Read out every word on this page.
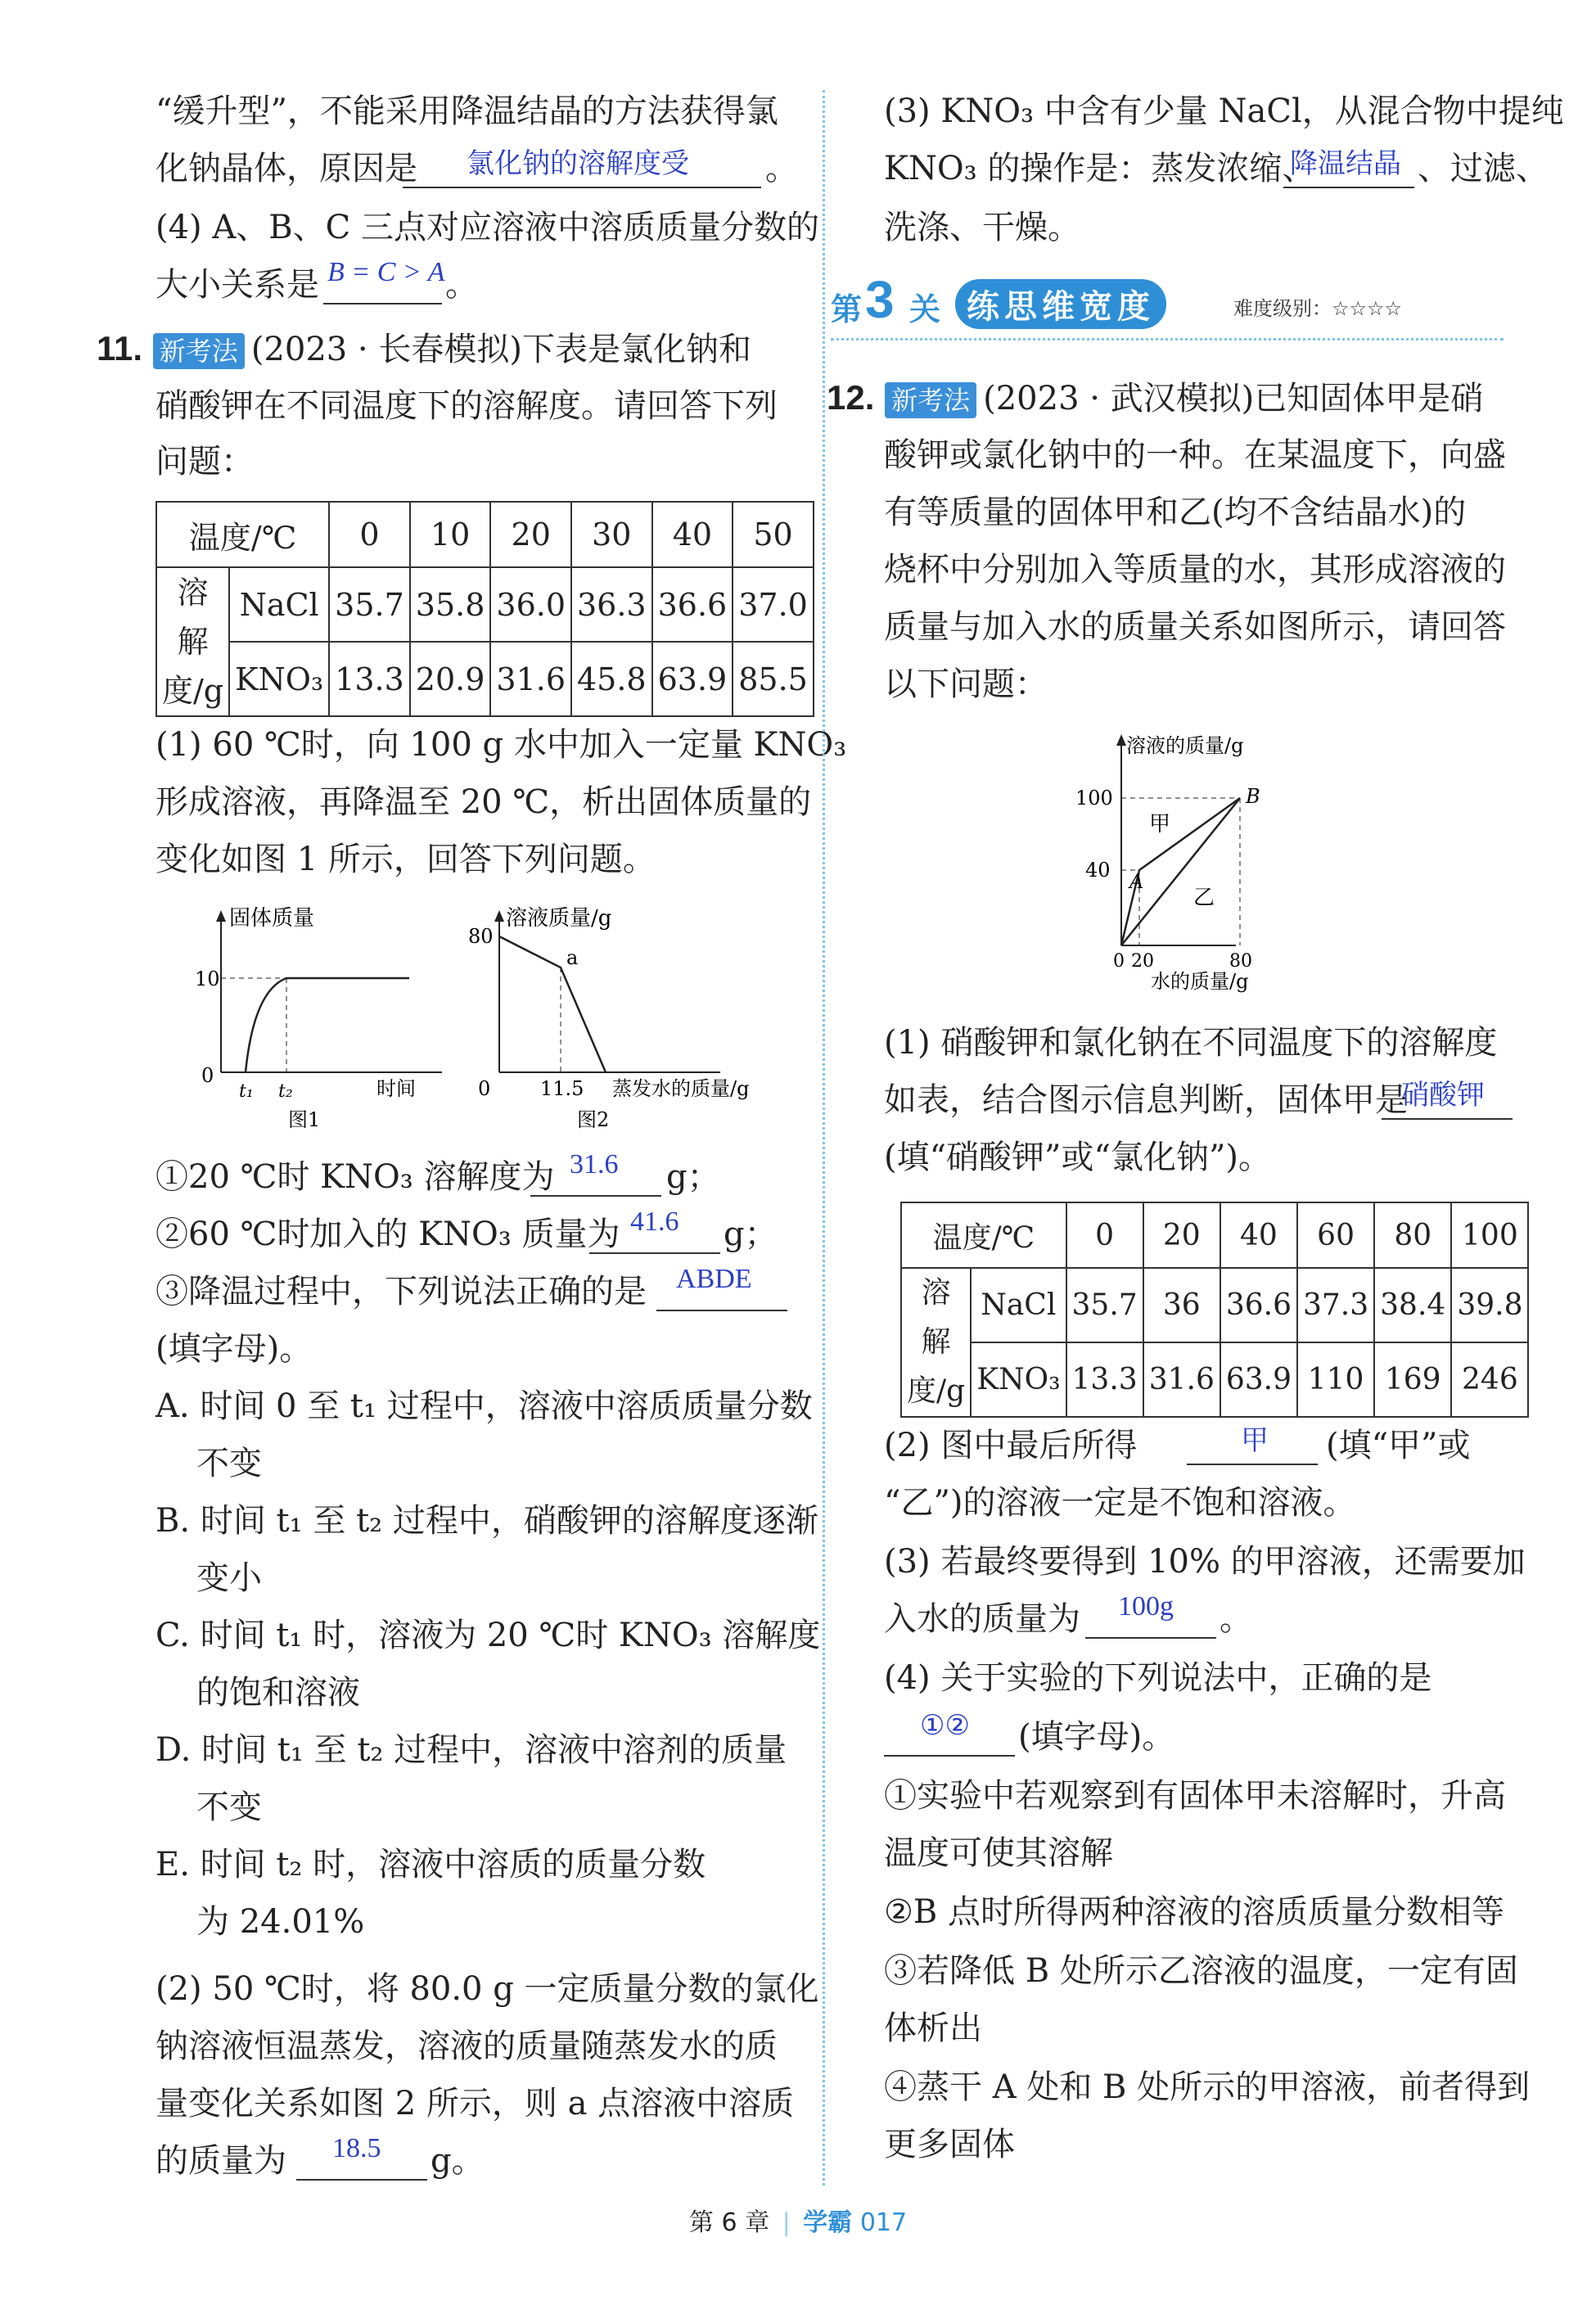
“缓升型”，不能采用降温结晶的方法获得氯
化钠晶体，原因是 氯化钠的溶解度受 。
(4) A、B、C 三点对应溶液中溶质质量分数的
大小关系是 B = C > A 。
11. 新考法 (2023 · 长春模拟)下表是氯化钠和
硝酸钾在不同温度下的溶解度。请回答下列
问题：
温度/℃		0	10	20	30	40	50
溶解
度/g	NaCl	35.7	35.8	36.0	36.3	36.6	37.0
	KNO₃	13.3	20.9	31.6	45.8	63.9	85.5
(1) 60 ℃时，向 100 g 水中加入一定量 KNO₃
形成溶液，再降温至 20 ℃，析出固体质量的
变化如图 1 所示，回答下列问题。
固体质量
10
0
t₁ t₂	时间
图1
溶液质量/g
80
a
0	11.5 蒸发水的质量/g
图2
①20 ℃时 KNO₃ 溶解度为 31.6 g；
②60 ℃时加入的 KNO₃ 质量为 41.6 g；
③降温过程中，下列说法正确的是 ABDE
(填字母)。
A. 时间 0 至 t₁ 过程中，溶液中溶质质量分数
不变
B. 时间 t₁ 至 t₂ 过程中，硝酸钾的溶解度逐渐
变小
C. 时间 t₁ 时，溶液为 20 ℃时 KNO₃ 溶解度
的饱和溶液
D. 时间 t₁ 至 t₂ 过程中，溶液中溶剂的质量
不变
E. 时间 t₂ 时，溶液中溶质的质量分数
为 24.01%
(2) 50 ℃时，将 80.0 g 一定质量分数的氯化
钠溶液恒温蒸发，溶液的质量随蒸发水的质
量变化关系如图 2 所示，则 a 点溶液中溶质
的质量为 18.5 g。
(3) KNO₃ 中含有少量 NaCl，从混合物中提纯
KNO₃ 的操作是：蒸发浓缩、
降温结晶 、过滤、
洗涤、干燥。
第 3 关 练思维宽度	难度级别：☆☆☆☆
12. 新考法 (2023 · 武汉模拟)已知固体甲是硝
酸钾或氯化钠中的一种。在某温度下，向盛
有等质量的固体甲和乙(均不含结晶水)的
烧杯中分别加入等质量的水，其形成溶液的
质量与加入水的质量关系如图所示，请回答
以下问题：
溶液的质量/g
100
40
甲
乙
A
B
0 20	80
水的质量/g
(1) 硝酸钾和氯化钠在不同温度下的溶解度
如表，结合图示信息判断，固体甲是
硝酸钾
(填“硝酸钾”或“氯化钠”)。
温度/℃		0	20	40	60	80	100
溶解
度/g	NaCl	35.7	36	36.6	37.3	38.4	39.8
	KNO₃	13.3	31.6	63.9	110	169	246
(2) 图中最后所得	甲 (填“甲”或
“乙”)的溶液一定是不饱和溶液。
(3) 若最终要得到 10% 的甲溶液，还需要加
入水的质量为 100g 。
(4) 关于实验的下列说法中，正确的是
①② (填字母)。
①实验中若观察到有固体甲未溶解时，升高
温度可使其溶解
②B 点时所得两种溶液的溶质质量分数相等
③若降低 B 处所示乙溶液的温度，一定有固
体析出
④蒸干 A 处和 B 处所示的甲溶液，前者得到
更多固体
第 6 章 | 学霸 017
